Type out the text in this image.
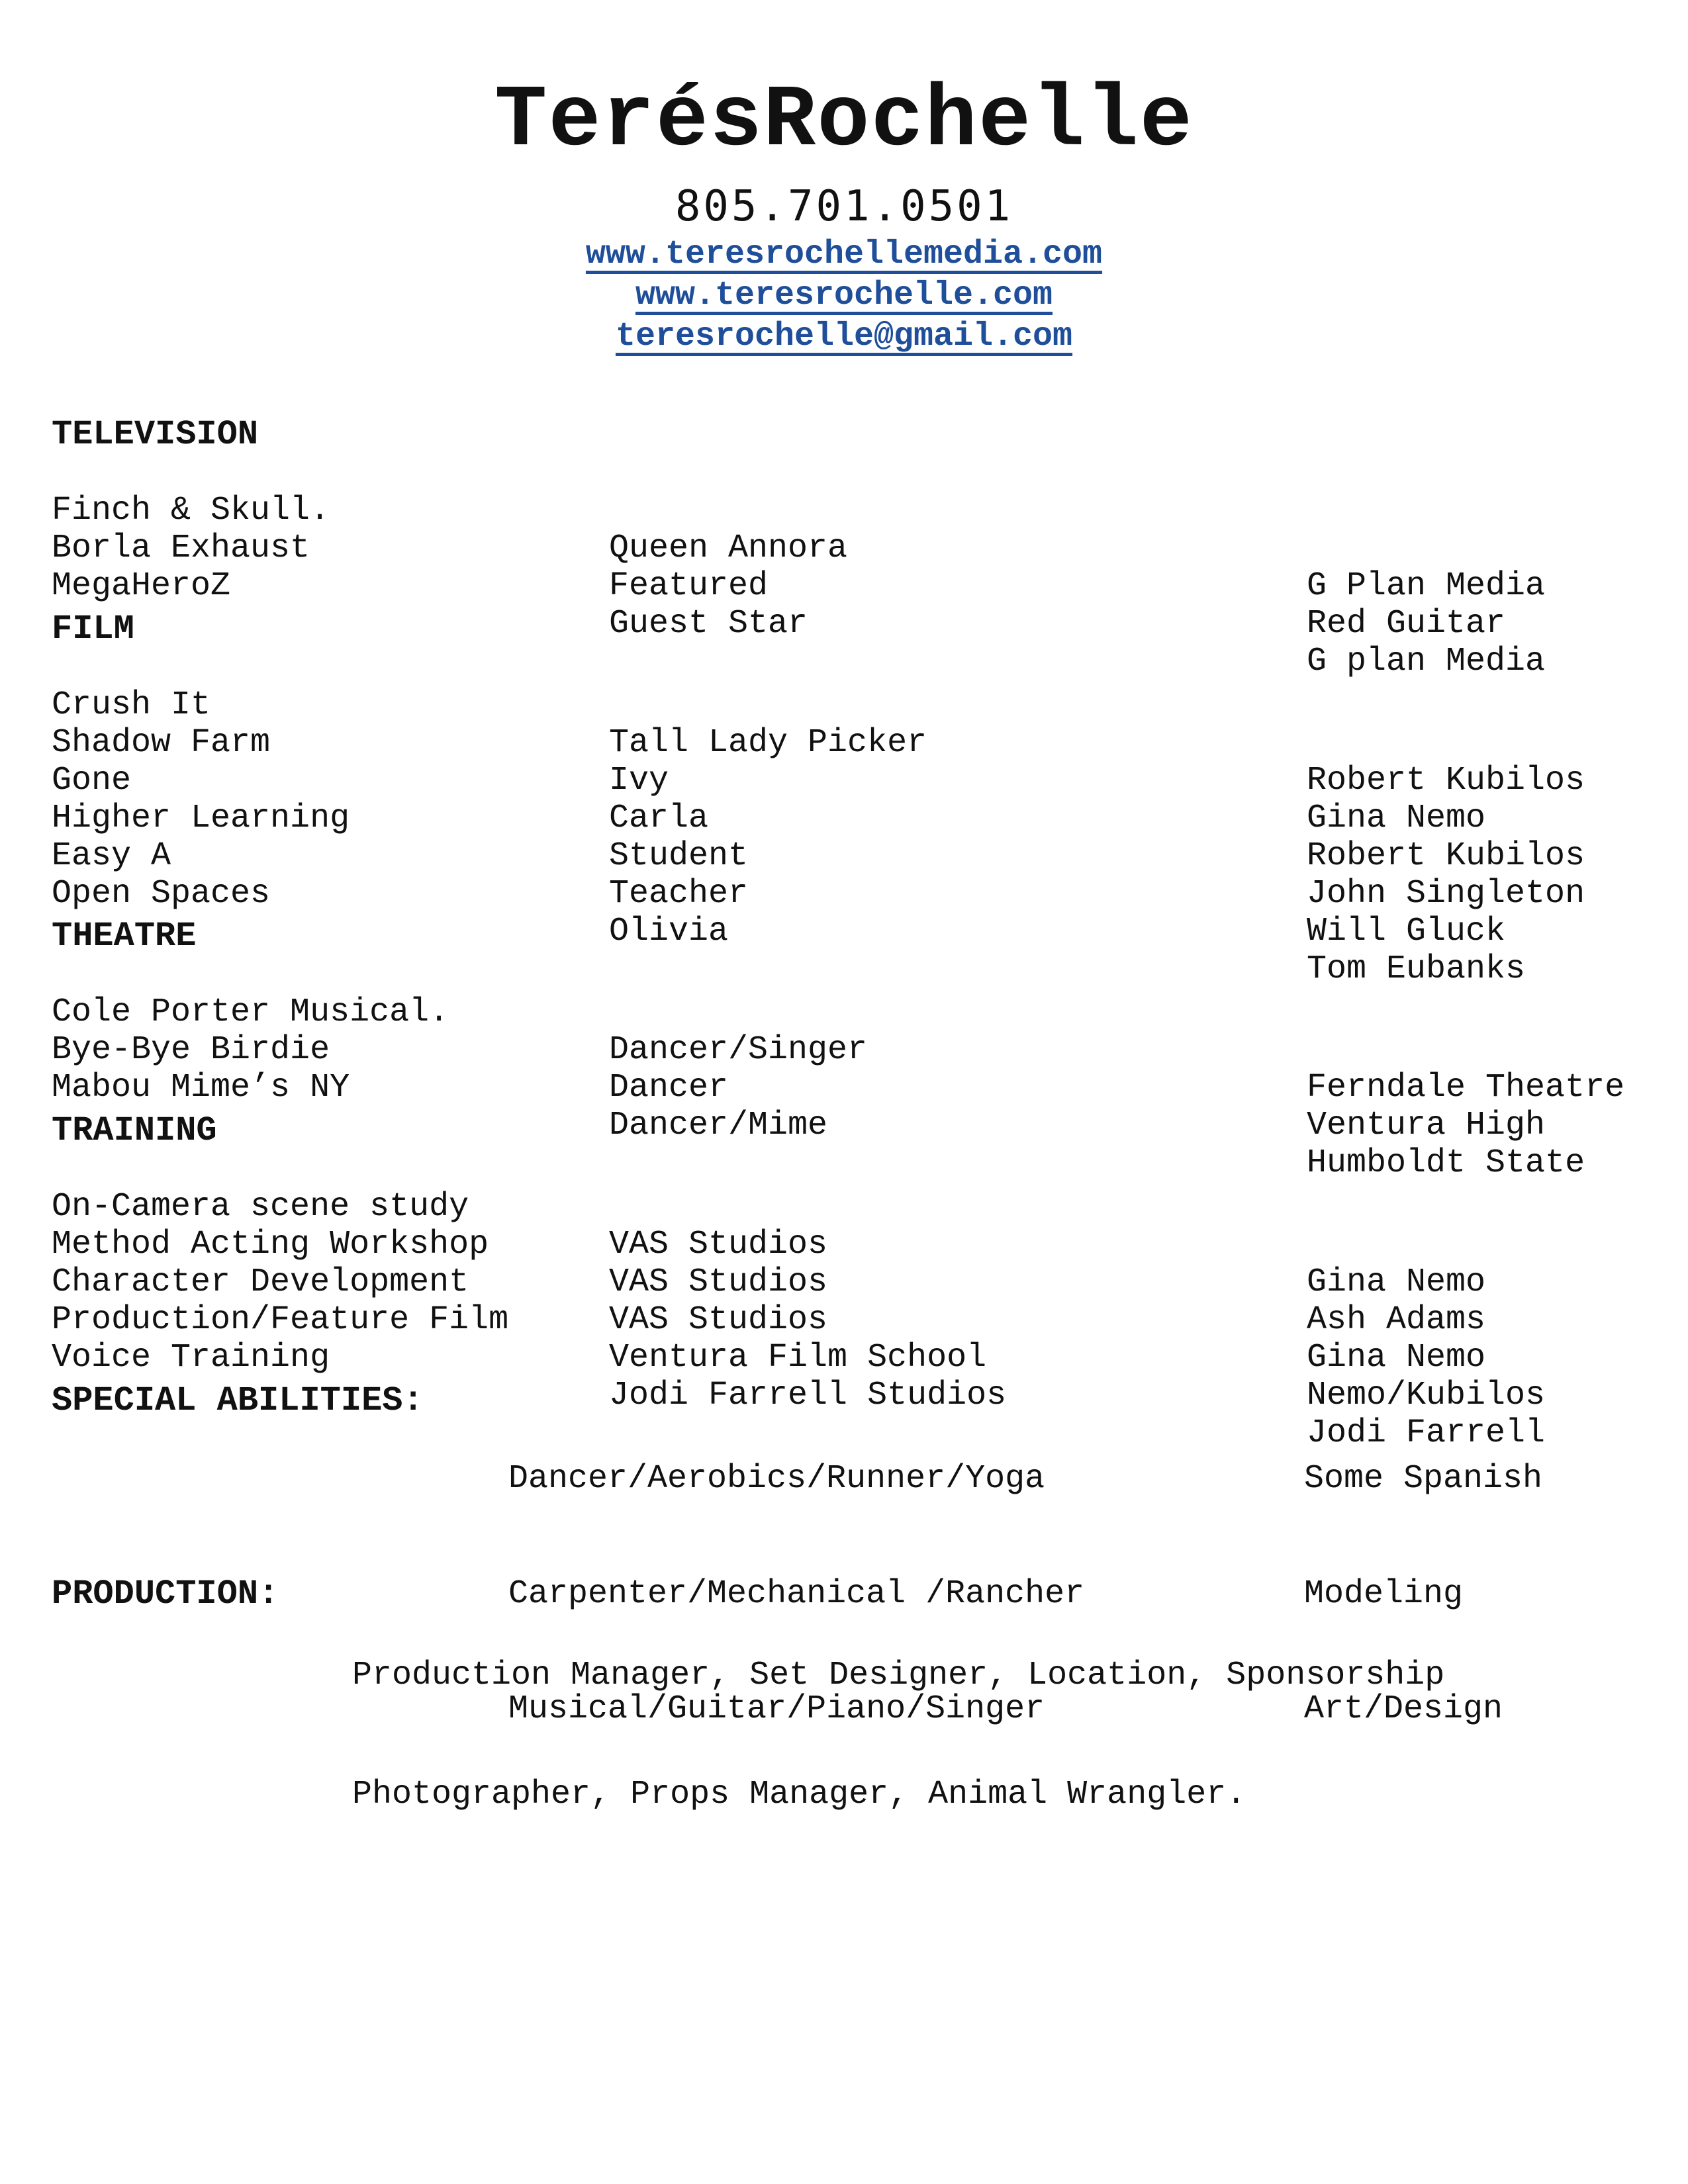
TerésRochelle
805.701.0501
www.teresrochellemedia.com
www.teresrochelle.com
teresrochelle@gmail.com
TELEVISION

Finch & Skull.

Queen Annora

G Plan Media

Borla Exhaust

Featured

Red Guitar

MegaHeroZ

Guest Star

G plan Media

FILM

Crush It

Tall Lady Picker

Robert Kubilos

Shadow Farm

Ivy

Gina Nemo

Gone

Carla

Robert Kubilos

Higher Learning

Student

John Singleton

Easy A

Teacher

Will Gluck

Open Spaces

Olivia

Tom Eubanks

THEATRE

Cole Porter Musical.

Dancer/Singer

Ferndale Theatre

Bye-Bye Birdie

Dancer

Ventura High

Mabou Mime’s NY

Dancer/Mime

Humboldt State

TRAINING

On-Camera scene study

VAS Studios

Gina Nemo

Method Acting Workshop

VAS Studios

Ash Adams

Character Development

VAS Studios

Gina Nemo

Production/Feature Film

Ventura Film School

Nemo/Kubilos

Voice Training

Jodi Farrell Studios

Jodi Farrell

SPECIAL ABILITIES:

Dancer/Aerobics/Runner/Yoga

Carpenter/Mechanical /Rancher

Musical/Guitar/Piano/Singer

Some Spanish

Modeling

Art/Design

PRODUCTION:

Production Manager, Set Designer, Location, Sponsorship

Photographer, Props Manager, Animal Wrangler.
